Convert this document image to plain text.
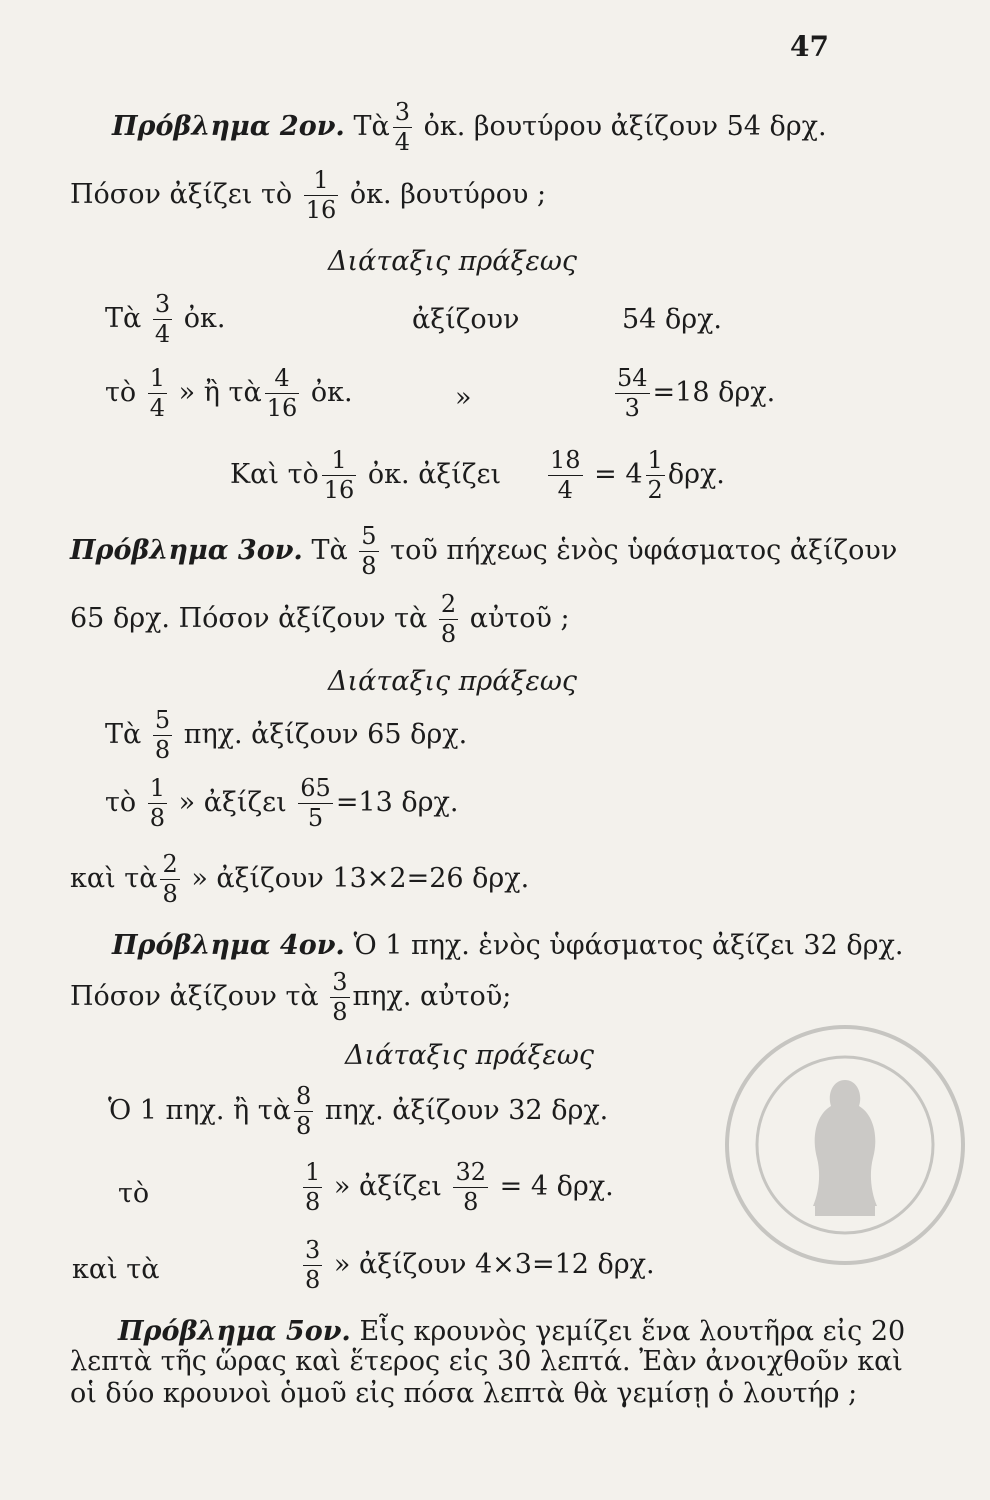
47
Πρόβλημα 2ον. Τὰ $\frac{3}{4}$ ὀκ. βουτύρου ἀξίζουν 54 δρχ.
Πόσον ἀξίζει τὸ $\frac{1}{16}$ ὀκ. βουτύρου ;
Διάταξις πράξεως
Τὰ $\frac{3}{4}$ ὀκ.	ἀξίζουν	54 δρχ.
τὸ $\frac{1}{4}$ » ἢ τὰ $\frac{4}{16}$ ὀκ.	»	$\frac{54}{3} =18$ δρχ.
Καὶ τὸ $\frac{1}{16}$ ὀκ. ἀξίζει $\frac{18}{4} = 4 \frac{1}{2} \delta\rho\chi$.
Πρόβλημα 3ον. Τὰ $\frac{5}{8}$ τοῦ πήχεως ἑνὸς ὑφάσματος ἀξίζουν
65 δρχ. Πόσον ἀξίζουν τὰ $\frac{2}{8}$ αὐτοῦ ;
Διάταξις πράξεως
Τὰ $\frac{5}{8} \pi\eta\chi$. ἀξίζουν 65 δρχ.
τὸ $\frac{1}{8}$ » ἀξίζει $\frac{65}{5} =13$ δρχ.
καὶ τὰ $\frac{2}{8}$ » ἀξίζουν 13×2=26 δρχ.
Πρόβλημα 4ον. Ὁ 1 πηχ. ἑνὸς ὑφάσματος ἀξίζει 32 δρχ.
Πόσον ἀξίζουν τὰ $\frac{3}{8} \pi\eta\chi$. αὐτοῦ;
Διάταξις πράξεως
Ὁ 1 πηχ. ἢ τὰ $\frac{8}{8} \pi\eta\chi$. ἀξίζουν 32 δρχ.
τὸ	$\frac{1}{8}$ » ἀξίζει $\frac{32}{8} = 4$ δρχ.
καὶ τὰ	$\frac{3}{8}$ » ἀξίζουν 4×3=12 δρχ.
Πρόβλημα 5ον. Εἷς κρουνὸς γεμίζει ἕνα λουτῆρα εἰς 20
λεπτὰ τῆς ὥρας καὶ ἕτερος εἰς 30 λεπτά. Ἐὰν ἀνοιχθοῦν καὶ
οἱ δύο κρουνοὶ ὁμοῦ εἰς πόσα λεπτὰ θὰ γεμίσῃ ὁ λουτήρ ;
